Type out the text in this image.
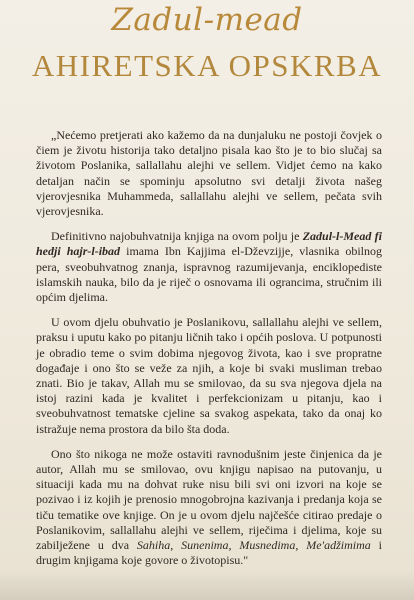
Zadul-mead
AHIRETSKA OPSKRBA

„Nećemo pretjerati ako kažemo da na dunjaluku ne postoji čovjek o čiem je životu historija tako detaljno pisala kao što je to bio slučaj sa životom Poslanika, sallallahu alejhi ve sellem. Vidjet ćemo na kako detaljan način se spominju apsolutno svi detalji života našeg vjerovjesnika Muhammeda, sallallahu alejhi ve sellem, pečata svih vjerovjesnika.

Definitivno najobuhvatnija knjiga na ovom polju je Zadul-l-Mead fi hedji hajr-l-ibad imama Ibn Kajjima el-Dževzijje, vlasnika obilnog pera, sveobuhvatnog znanja, ispravnog razumijevanja, enciklopediste islamskih nauka, bilo da je riječ o osnovama ili ograncima, stručnim ili općim djelima.

U ovom djelu obuhvatio je Poslanikovu, sallallahu alejhi ve sellem, praksu i uputu kako po pitanju ličnih tako i općih poslova. U potpunosti je obradio teme o svim dobima njegovog života, kao i sve propratne događaje i ono što se veže za njih, a koje bi svaki musliman trebao znati. Bio je takav, Allah mu se smilovao, da su sva njegova djela na istoj razini kada je kvalitet i perfekcionizam u pitanju, kao i sveobuhvatnost tematske cjeline sa svakog aspekata, tako da onaj ko istražuje nema prostora da bilo šta doda.

Ono što nikoga ne može ostaviti ravnodušnim jeste činjenica da je autor, Allah mu se smilovao, ovu knjigu napisao na putovanju, u situaciji kada mu na dohvat ruke nisu bili svi oni izvori na koje se pozivao i iz kojih je prenosio mnogobrojna kazivanja i predanja koja se tiču tematike ove knjige. On je u ovom djelu najčešće citirao predaje o Poslanikovim, sallallahu alejhi ve sellem, riječima i djelima, koje su zabilježene u dva Sahiha, Sunenima, Musnedima, Me'adžimima i drugim knjigama koje govore o životopisu."
